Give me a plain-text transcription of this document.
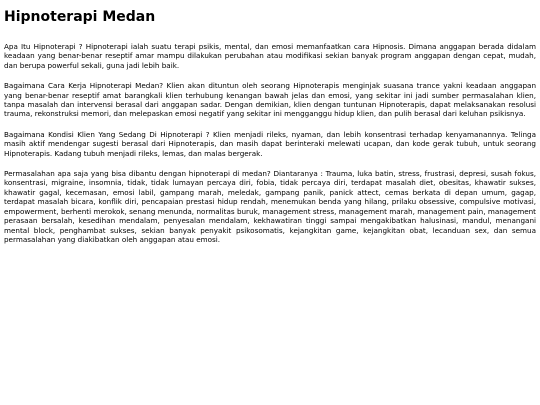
Hipnoterapi Medan

Apa Itu Hipnoterapi ? Hipnoterapi ialah suatu terapi psikis, mental, dan emosi memanfaatkan cara Hipnosis. Dimana anggapan berada didalam keadaan yang benar-benar reseptif amar mampu dilakukan perubahan atau modifikasi sekian banyak program anggapan dengan cepat, mudah, dan berupa powerful sekali, guna jadi lebih baik.

Bagaimana Cara Kerja Hipnoterapi Medan? Klien akan dituntun oleh seorang Hipnoterapis menginjak suasana trance yakni keadaan anggapan yang benar-benar reseptif amat barangkali klien terhubung kenangan bawah jelas dan emosi, yang sekitar ini jadi sumber permasalahan klien, tanpa masalah dan intervensi berasal dari anggapan sadar. Dengan demikian, klien dengan tuntunan Hipnoterapis, dapat melaksanakan resolusi trauma, rekonstruksi memori, dan melepaskan emosi negatif yang sekitar ini mengganggu hidup klien, dan pulih berasal dari keluhan psikisnya.

Bagaimana Kondisi Klien Yang Sedang Di Hipnoterapi ? Klien menjadi rileks, nyaman, dan lebih konsentrasi terhadap kenyamanannya. Telinga masih aktif mendengar sugesti berasal dari Hipnoterapis, dan masih dapat berinteraki melewati ucapan, dan kode gerak tubuh, untuk seorang Hipnoterapis. Kadang tubuh menjadi rileks, lemas, dan malas bergerak.

Permasalahan apa saja yang bisa dibantu dengan hipnoterapi di medan? Diantaranya : Trauma, luka batin, stress, frustrasi, depresi, susah fokus, konsentrasi, migraine, insomnia, tidak, tidak lumayan percaya diri, fobia, tidak percaya diri, terdapat masalah diet, obesitas, khawatir sukses, khawatir gagal, kecemasan, emosi labil, gampang marah, meledak, gampang panik, panick attect, cemas berkata di depan umum, gagap, terdapat masalah bicara, konflik diri, pencapaian prestasi hidup rendah, menemukan benda yang hilang, prilaku obsessive, compulsive motivasi, empowerment, berhenti merokok, senang menunda, normalitas buruk, management stress, management marah, management pain, management perasaan bersalah, kesedihan mendalam, penyesalan mendalam, kekhawatiran tinggi sampai mengakibatkan halusinasi, mandul, menangani mental block, penghambat sukses, sekian banyak penyakit psikosomatis, kejangkitan game, kejangkitan obat, lecanduan sex, dan semua permasalahan yang diakibatkan oleh anggapan atau emosi.
